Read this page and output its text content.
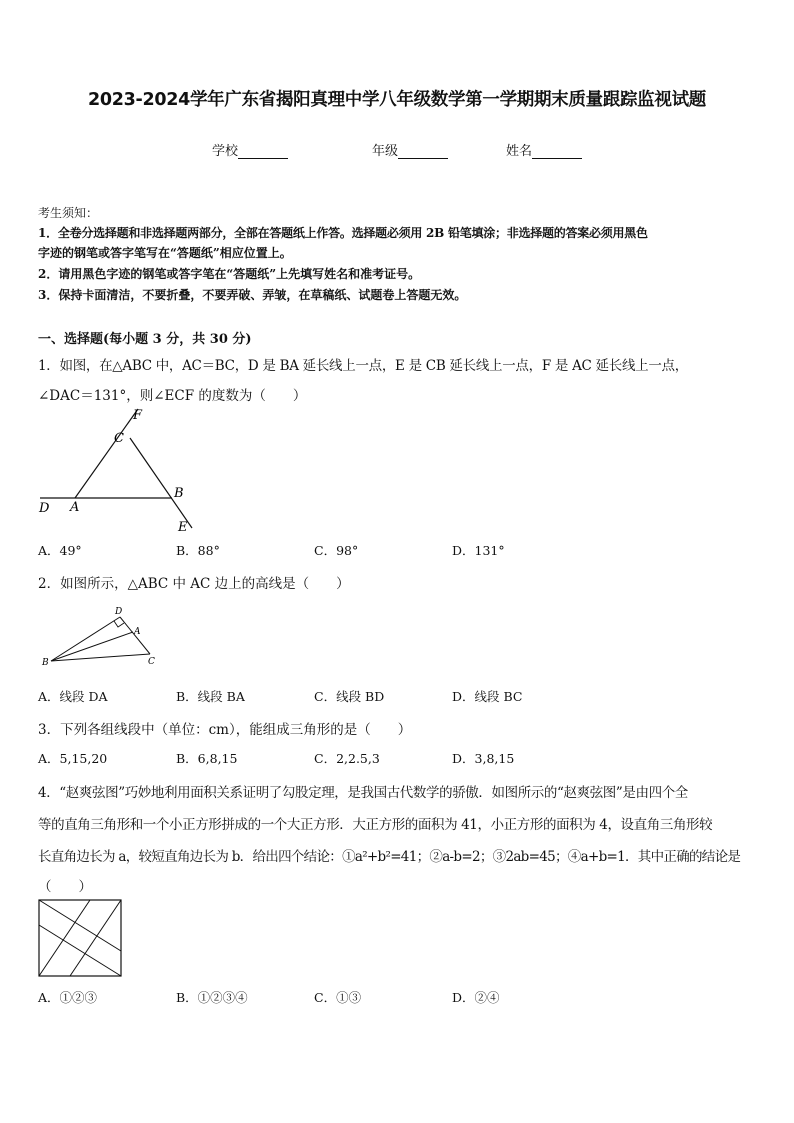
2023-2024学年广东省揭阳真理中学八年级数学第一学期期末质量跟踪监视试题
学校	年级	姓名
考生须知：
1．全卷分选择题和非选择题两部分，全部在答题纸上作答。选择题必须用 2B 铅笔填涂；非选择题的答案必须用黑色
字迹的钢笔或答字笔写在“答题纸”相应位置上。
2．请用黑色字迹的钢笔或答字笔在“答题纸”上先填写姓名和准考证号。
3．保持卡面清洁，不要折叠，不要弄破、弄皱，在草稿纸、试题卷上答题无效。
一、选择题(每小题 3 分，共 30 分)
1．如图，在△ABC 中，AC＝BC，D 是 BA 延长线上一点，E 是 CB 延长线上一点，F 是 AC 延长线上一点，
∠DAC＝131°，则∠ECF 的度数为（　　）
F
C
B
D A
E
A．49°	B．88°	C．98°	D．131°
2．如图所示，△ABC 中 AC 边上的高线是（　　）
D
A
B	C
A．线段 DA	B．线段 BA	C．线段 BD	D．线段 BC
3．下列各组线段中（单位：cm），能组成三角形的是（　　）
A．5,15,20	B．6,8,15	C．2,2.5,3	D．3,8,15
4．“赵爽弦图”巧妙地利用面积关系证明了勾股定理，是我国古代数学的骄傲．如图所示的“赵爽弦图”是由四个全
等的直角三角形和一个小正方形拼成的一个大正方形．大正方形的面积为 41，小正方形的面积为 4，设直角三角形较
长直角边长为 a，较短直角边长为 b．给出四个结论：①a²+b²=41；②a-b=2；③2ab=45；④a+b=1．其中正确的结论是
（　　）
A．①②③	B．①②③④	C．①③	D．②④
